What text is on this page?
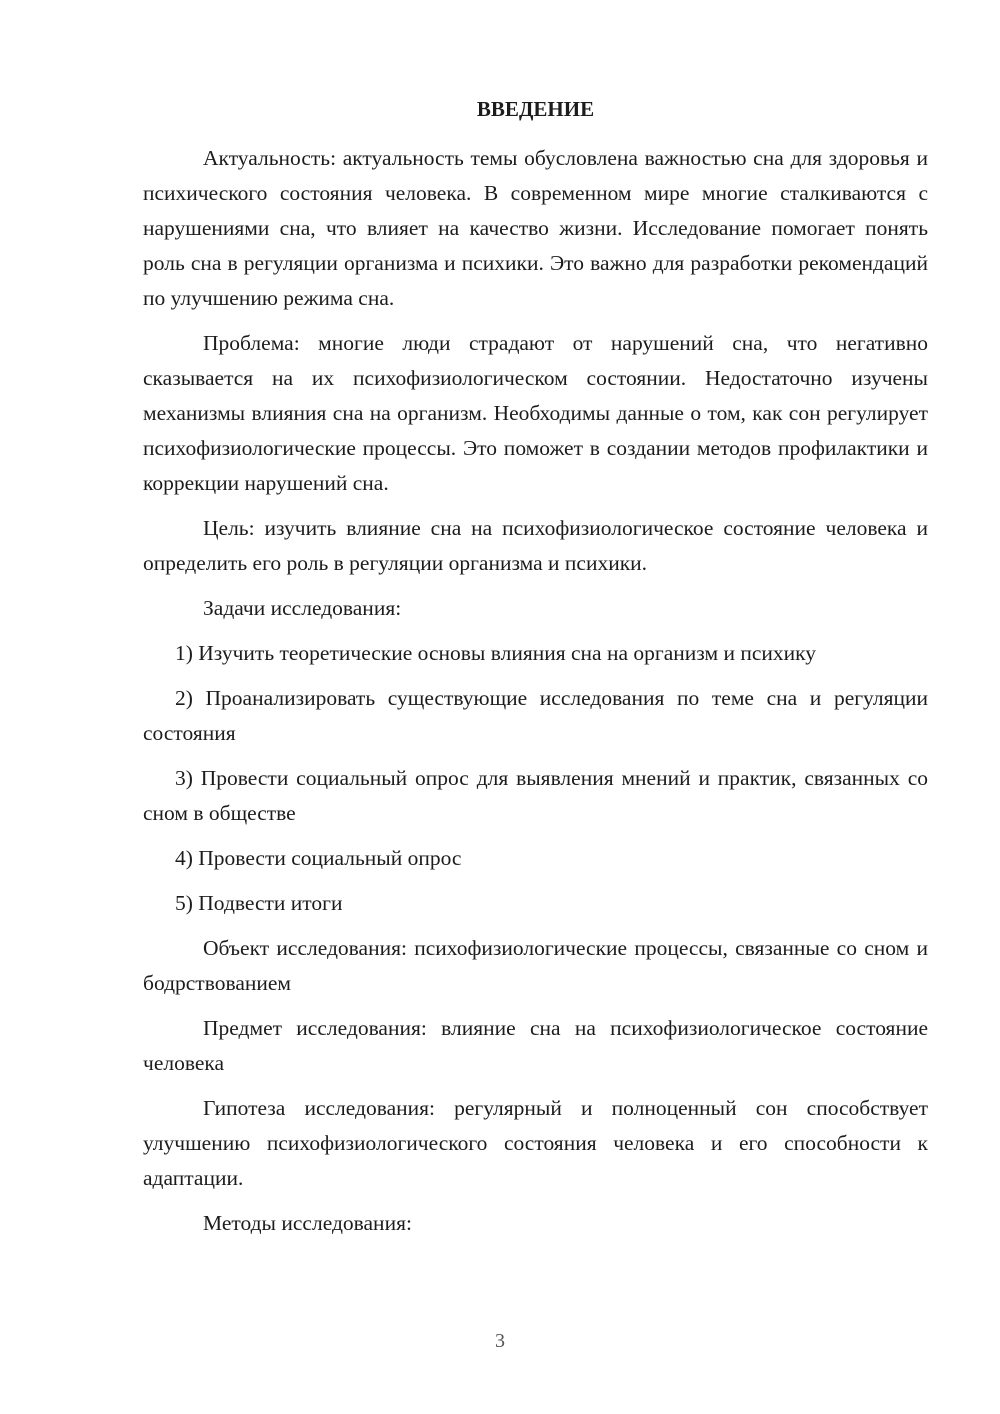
ВВЕДЕНИЕ

Актуальность: актуальность темы обусловлена важностью сна для здоровья и психического состояния человека. В современном мире многие сталкиваются с нарушениями сна, что влияет на качество жизни. Исследование помогает понять роль сна в регуляции организма и психики. Это важно для разработки рекомендаций по улучшению режима сна.

Проблема: многие люди страдают от нарушений сна, что негативно сказывается на их психофизиологическом состоянии. Недостаточно изучены механизмы влияния сна на организм. Необходимы данные о том, как сон регулирует психофизиологические процессы. Это поможет в создании методов профилактики и коррекции нарушений сна.

Цель: изучить влияние сна на психофизиологическое состояние человека и определить его роль в регуляции организма и психики.

Задачи исследования:

1) Изучить теоретические основы влияния сна на организм и психику

2) Проанализировать существующие исследования по теме сна и регуляции состояния

3) Провести социальный опрос для выявления мнений и практик, связанных со сном в обществе

4) Провести социальный опрос

5) Подвести итоги

Объект исследования: психофизиологические процессы, связанные со сном и бодрствованием

Предмет исследования: влияние сна на психофизиологическое состояние человека

Гипотеза исследования: регулярный и полноценный сон способствует улучшению психофизиологического состояния человека и его способности к адаптации.

Методы исследования:

3
